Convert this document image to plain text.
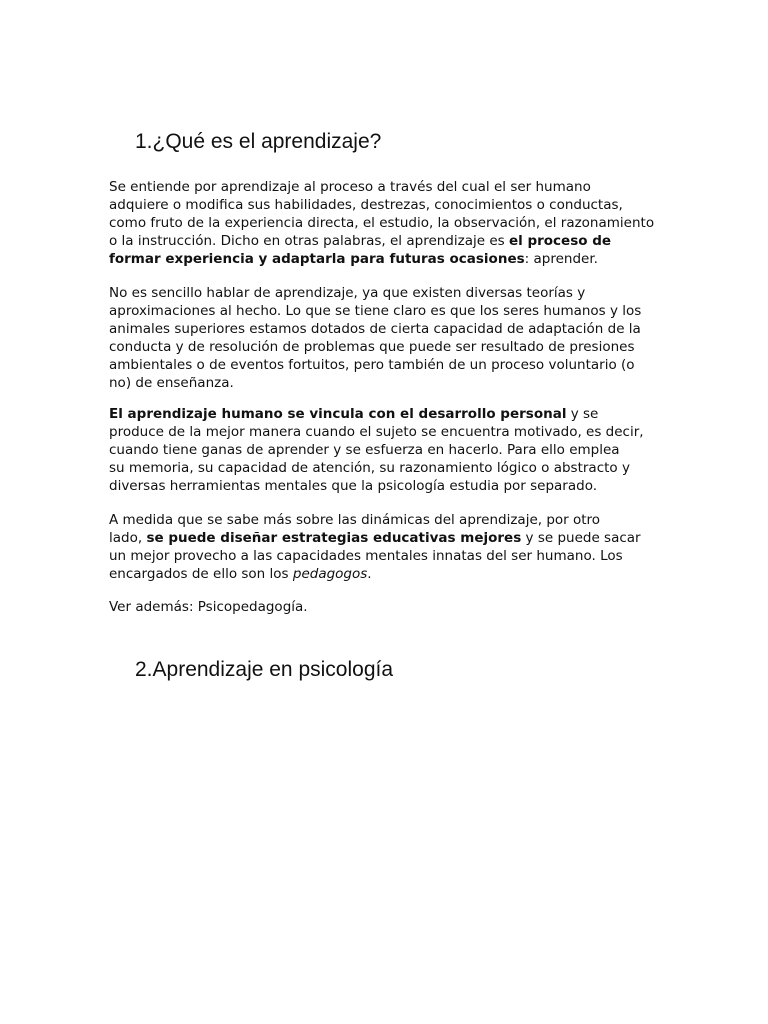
1.¿Qué es el aprendizaje?

Se entiende por aprendizaje al proceso a través del cual el ser humano
adquiere o modifica sus habilidades, destrezas, conocimientos o conductas,
como fruto de la experiencia directa, el estudio, la observación, el razonamiento
o la instrucción. Dicho en otras palabras, el aprendizaje es el proceso de
formar experiencia y adaptarla para futuras ocasiones: aprender.

No es sencillo hablar de aprendizaje, ya que existen diversas teorías y
aproximaciones al hecho. Lo que se tiene claro es que los seres humanos y los
animales superiores estamos dotados de cierta capacidad de adaptación de la
conducta y de resolución de problemas que puede ser resultado de presiones
ambientales o de eventos fortuitos, pero también de un proceso voluntario (o
no) de enseñanza.

El aprendizaje humano se vincula con el desarrollo personal y se
produce de la mejor manera cuando el sujeto se encuentra motivado, es decir,
cuando tiene ganas de aprender y se esfuerza en hacerlo. Para ello emplea
su memoria, su capacidad de atención, su razonamiento lógico o abstracto y
diversas herramientas mentales que la psicología estudia por separado.

A medida que se sabe más sobre las dinámicas del aprendizaje, por otro
lado, se puede diseñar estrategias educativas mejores y se puede sacar
un mejor provecho a las capacidades mentales innatas del ser humano. Los
encargados de ello son los pedagogos.

Ver además: Psicopedagogía.

2.Aprendizaje en psicología
